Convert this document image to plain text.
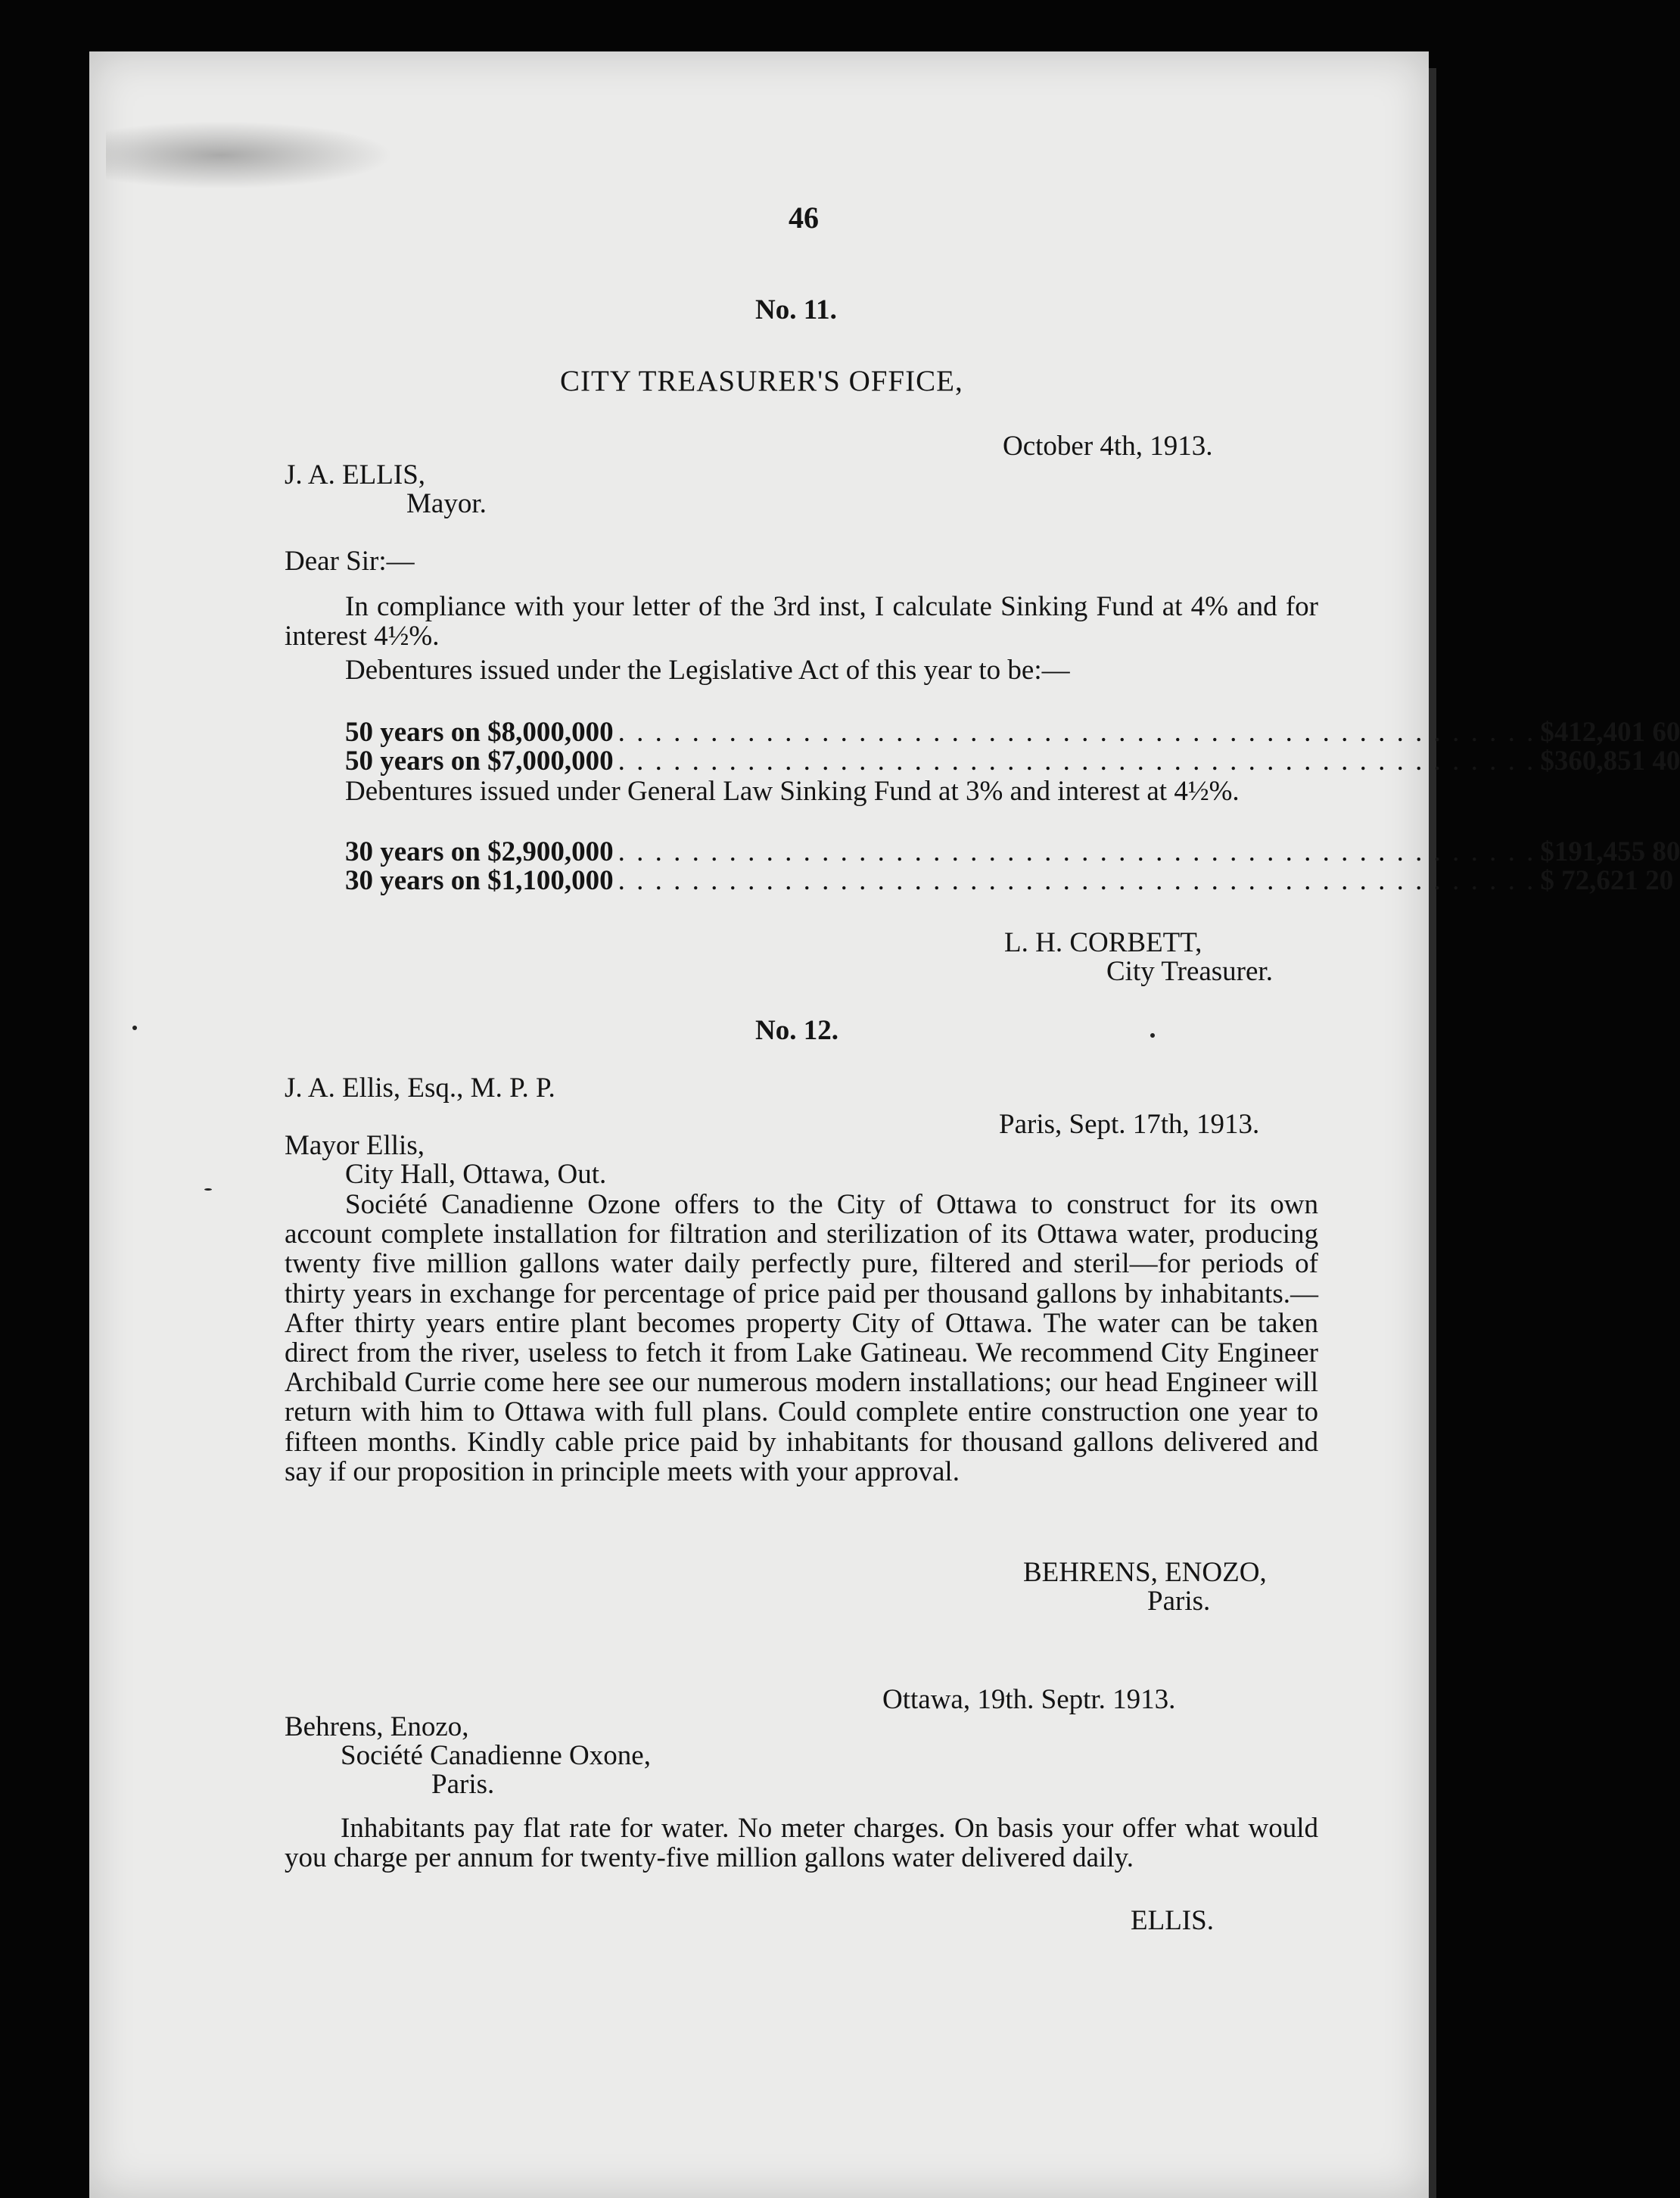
46
No. 11.
CITY TREASURER'S OFFICE,
October 4th, 1913.
J. A. ELLIS,
Mayor.
Dear Sir:—
In compliance with your letter of the 3rd inst, I calculate Sinking Fund at 4% and for interest 4½%.
Debentures issued under the Legislative Act of this year to be:—
50 years on $8,000,000 . . . . . . . . . . . . . . . . . . . . . . . . . . . . . . . . . . . . . . . . . . . . . . . . . . $412,401 60
50 years on $7,000,000 . . . . . . . . . . . . . . . . . . . . . . . . . . . . . . . . . . . . . . . . . . . . . . . . . . $360,851 40
Debentures issued under General Law Sinking Fund at 3% and interest at 4½%.
30 years on $2,900,000 . . . . . . . . . . . . . . . . . . . . . . . . . . . . . . . . . . . . . . . . . . . . . . . . . . $191,455 80
30 years on $1,100,000 . . . . . . . . . . . . . . . . . . . . . . . . . . . . . . . . . . . . . . . . . . . . . . . . . . $ 72,621 20
L. H. CORBETT,
City Treasurer.
No. 12.
J. A. Ellis, Esq., M. P. P.
Paris, Sept. 17th, 1913.
Mayor Ellis,
City Hall, Ottawa, Out.
Société Canadienne Ozone offers to the City of Ottawa to construct for its own account complete installation for filtration and sterilization of its Ottawa water, producing twenty five million gallons water daily perfectly pure, filtered and steril—for periods of thirty years in exchange for percentage of price paid per thousand gallons by inhabitants.—After thirty years entire plant becomes property City of Ottawa. The water can be taken direct from the river, useless to fetch it from Lake Gatineau. We recommend City Engineer Archibald Currie come here see our numerous modern installations; our head Engineer will return with him to Ottawa with full plans. Could complete entire construction one year to fifteen months. Kindly cable price paid by inhabitants for thousand gallons delivered and say if our proposition in principle meets with your approval.
BEHRENS, ENOZO,
Paris.
Ottawa, 19th. Septr. 1913.
Behrens, Enozo,
Société Canadienne Oxone,
Paris.
Inhabitants pay flat rate for water. No meter charges. On basis your offer what would you charge per annum for twenty-five million gallons water delivered daily.
ELLIS.
